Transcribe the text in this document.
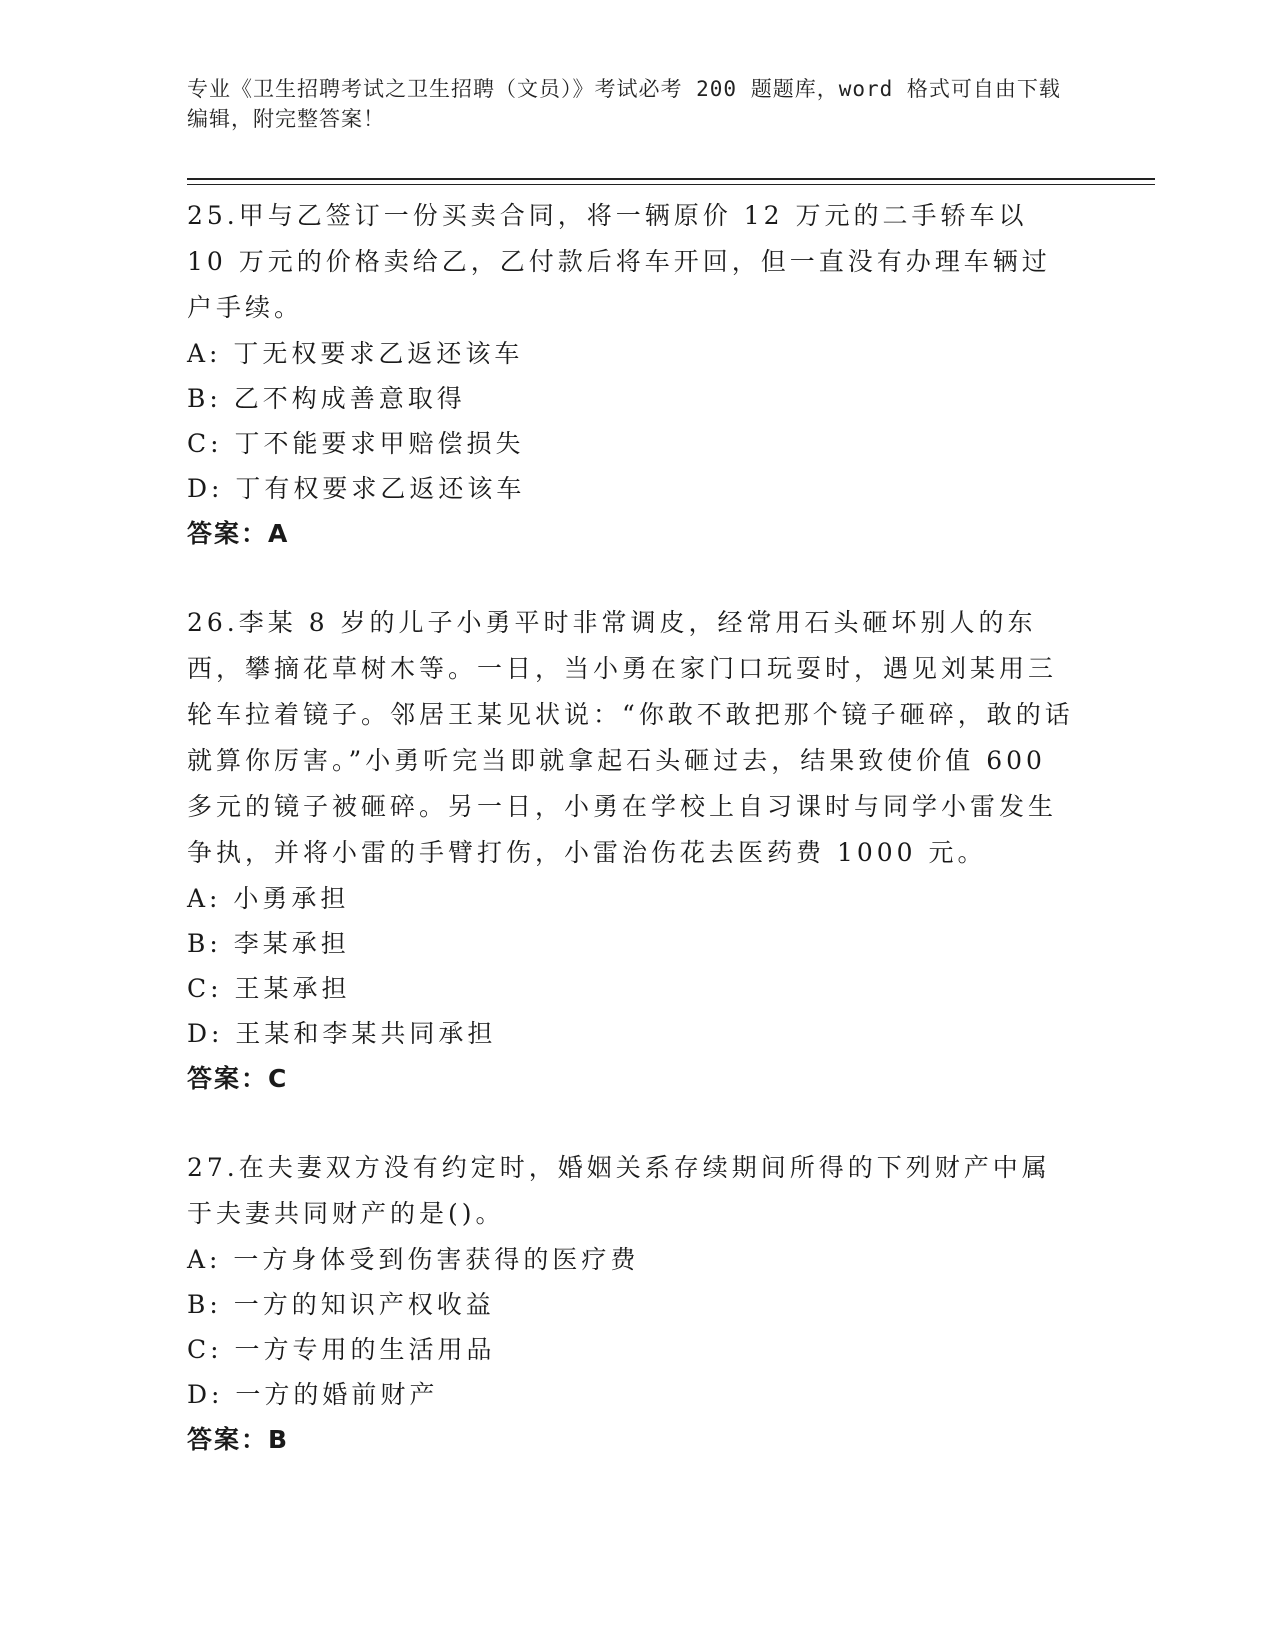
专业《卫生招聘考试之卫生招聘（文员）》考试必考 200 题题库，word 格式可自由下载编辑，附完整答案！

25.甲与乙签订一份买卖合同，将一辆原价 12 万元的二手轿车以 10 万元的价格卖给乙，乙付款后将车开回，但一直没有办理车辆过户手续。

A: 丁无权要求乙返还该车

B: 乙不构成善意取得

C: 丁不能要求甲赔偿损失

D: 丁有权要求乙返还该车

答案：A

26.李某 8 岁的儿子小勇平时非常调皮，经常用石头砸坏别人的东西，攀摘花草树木等。一日，当小勇在家门口玩耍时，遇见刘某用三轮车拉着镜子。邻居王某见状说：“你敢不敢把那个镜子砸碎，敢的话就算你厉害。”小勇听完当即就拿起石头砸过去，结果致使价值 600 多元的镜子被砸碎。另一日，小勇在学校上自习课时与同学小雷发生争执，并将小雷的手臂打伤，小雷治伤花去医药费 1000 元。

A: 小勇承担

B: 李某承担

C: 王某承担

D: 王某和李某共同承担

答案：C

27.在夫妻双方没有约定时，婚姻关系存续期间所得的下列财产中属于夫妻共同财产的是()。

A: 一方身体受到伤害获得的医疗费

B: 一方的知识产权收益

C: 一方专用的生活用品

D: 一方的婚前财产

答案：B
